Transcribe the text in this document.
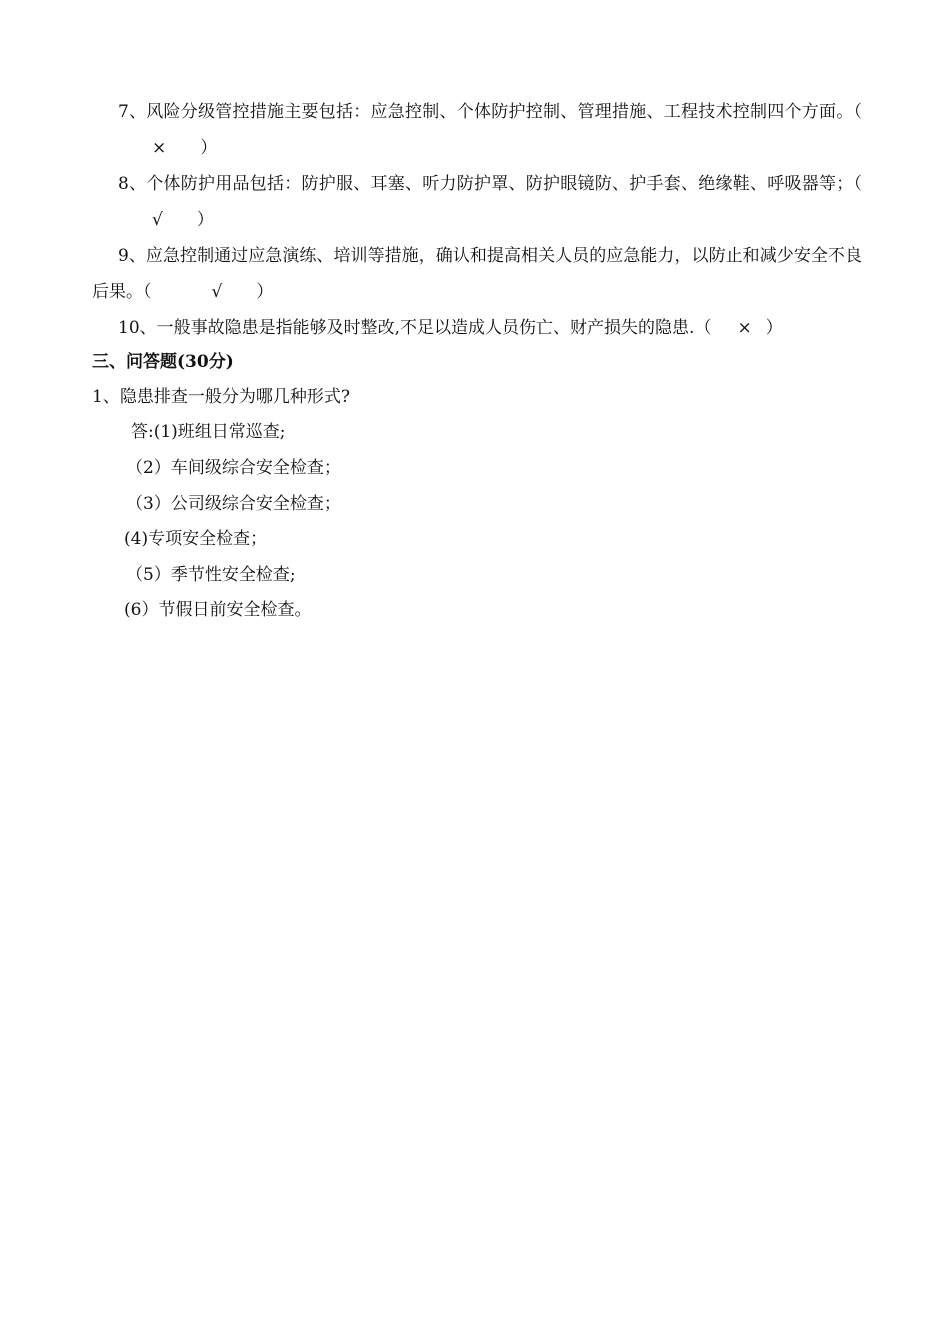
7、风险分级管控措施主要包括：应急控制、个体防护控制、管理措施、工程技术控制四个方面。（× ）

8、个体防护用品包括：防护服、耳塞、听力防护罩、防护眼镜防、护手套、绝缘鞋、呼吸器等；（√ ）

9、应急控制通过应急演练、培训等措施，确认和提高相关人员的应急能力，以防止和减少安全不良后果。（	√ ）

10、一般事故隐患是指能够及时整改,不足以造成人员伤亡、财产损失的隐患.（ × ）

三、问答题(30分)

1、隐患排查一般分为哪几种形式?

答:(1)班组日常巡查;

（2）车间级综合安全检查；

（3）公司级综合安全检查；

(4)专项安全检查；

（5）季节性安全检查;

(6）节假日前安全检查。
